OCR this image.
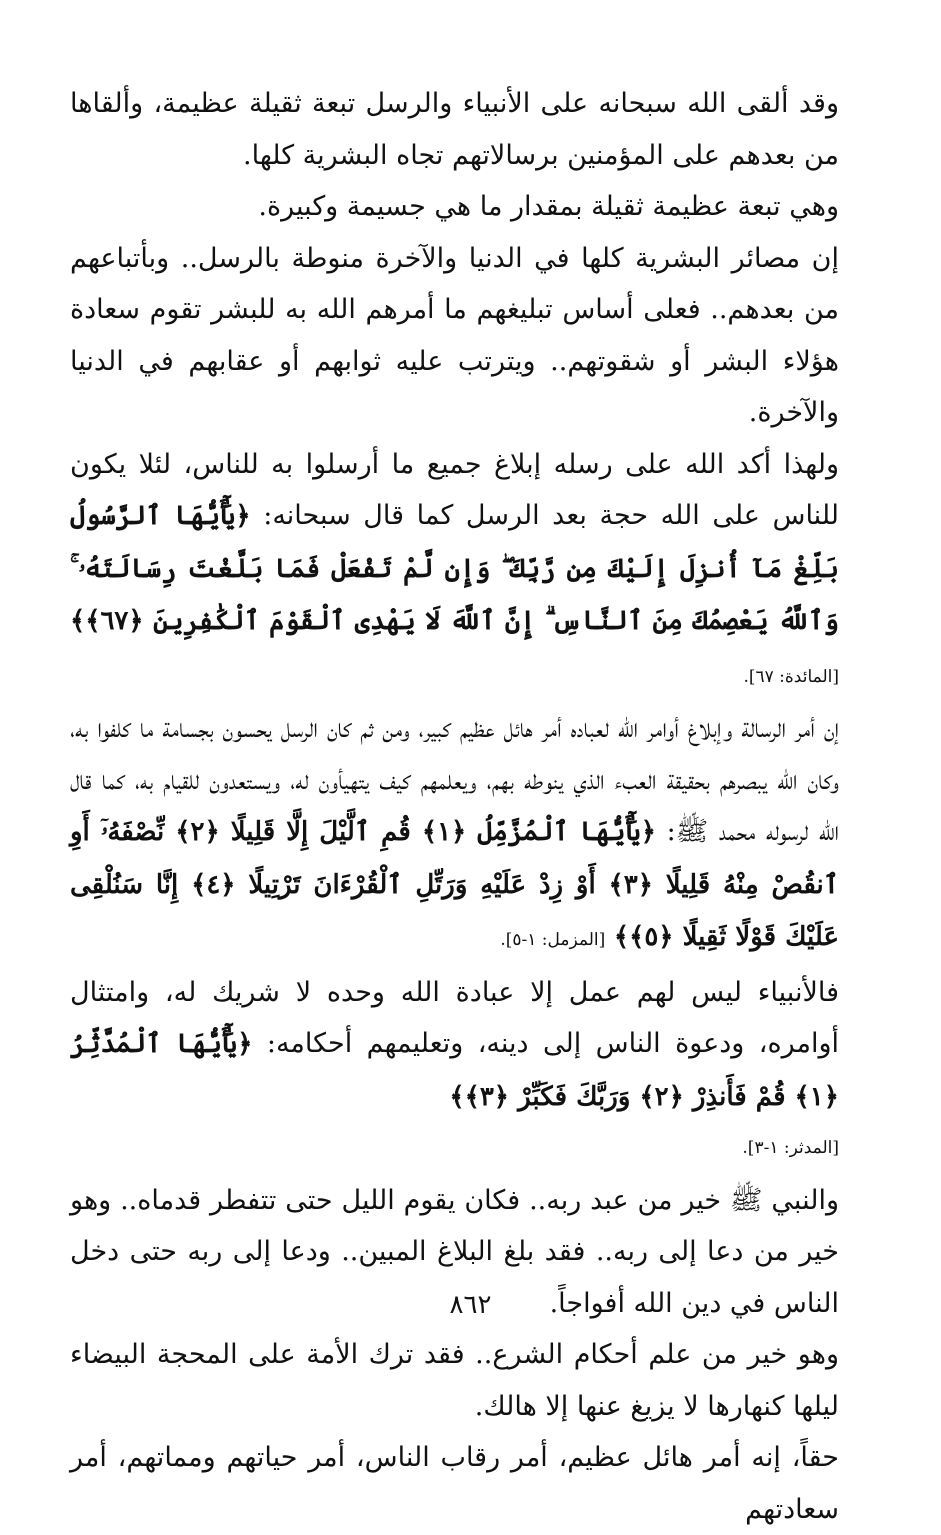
وقد ألقى الله سبحانه على الأنبياء والرسل تبعة ثقيلة عظيمة، وألقاها من بعدهم على المؤمنين برسالاتهم تجاه البشرية كلها.

وهي تبعة عظيمة ثقيلة بمقدار ما هي جسيمة وكبيرة.

إن مصائر البشرية كلها في الدنيا والآخرة منوطة بالرسل.. وبأتباعهم من بعدهم.. فعلى أساس تبليغهم ما أمرهم الله به للبشر تقوم سعادة هؤلاء البشر أو شقوتهم.. ويترتب عليه ثوابهم أو عقابهم في الدنيا والآخرة.

ولهذا أكد الله على رسله إبلاغ جميع ما أرسلوا به للناس، لئلا يكون للناس على الله حجة بعد الرسل كما قال سبحانه: ﴿يَٰٓأَيُّهَا ٱلرَّسُولُ بَلِّغْ مَآ أُنزِلَ إِلَيْكَ مِن رَّبِّكَ ۖ وَإِن لَّمْ تَفْعَلْ فَمَا بَلَّغْتَ رِسَالَتَهُۥ ۚ وَٱللَّهُ يَعْصِمُكَ مِنَ ٱلنَّاسِ ۗ إِنَّ ٱللَّهَ لَا يَهْدِى ٱلْقَوْمَ ٱلْكَٰفِرِينَ ﴿٦٧﴾﴾ [المائدة: ٦٧].

إن أمر الرسالة وإبلاغ أوامر الله لعباده أمر هائل عظيم كبير، ومن ثم كان الرسل يحسون بجسامة ما كلفوا به، وكان الله يبصرهم بحقيقة العبء الذي ينوطه بهم، ويعلمهم كيف يتهيأون له، ويستعدون للقيام به، كما قال الله لرسوله محمد ﷺ: ﴿يَٰٓأَيُّهَا ٱلْمُزَّمِّلُ ﴿١﴾ قُمِ ٱلَّيْلَ إِلَّا قَلِيلًا ﴿٢﴾ نِّصْفَهُۥٓ أَوِ ٱنقُصْ مِنْهُ قَلِيلًا ﴿٣﴾ أَوْ زِدْ عَلَيْهِ وَرَتِّلِ ٱلْقُرْءَانَ تَرْتِيلًا ﴿٤﴾ إِنَّا سَنُلْقِى عَلَيْكَ قَوْلًا ثَقِيلًا ﴿٥﴾﴾ [المزمل: ١-٥].

فالأنبياء ليس لهم عمل إلا عبادة الله وحده لا شريك له، وامتثال أوامره، ودعوة الناس إلى دينه، وتعليمهم أحكامه: ﴿يَٰٓأَيُّهَا ٱلْمُدَّثِّرُ ﴿١﴾ قُمْ فَأَنذِرْ ﴿٢﴾ وَرَبَّكَ فَكَبِّرْ ﴿٣﴾﴾

[المدثر: ١-٣].

والنبي ﷺ خير من عبد ربه.. فكان يقوم الليل حتى تتفطر قدماه.. وهو خير من دعا إلى ربه.. فقد بلغ البلاغ المبين.. ودعا إلى ربه حتى دخل الناس في دين الله أفواجاً.

وهو خير من علم أحكام الشرع.. فقد ترك الأمة على المحجة البيضاء ليلها كنهارها لا يزيغ عنها إلا هالك.

حقاً، إنه أمر هائل عظيم، أمر رقاب الناس، أمر حياتهم ومماتهم، أمر سعادتهم

٨٦٢
